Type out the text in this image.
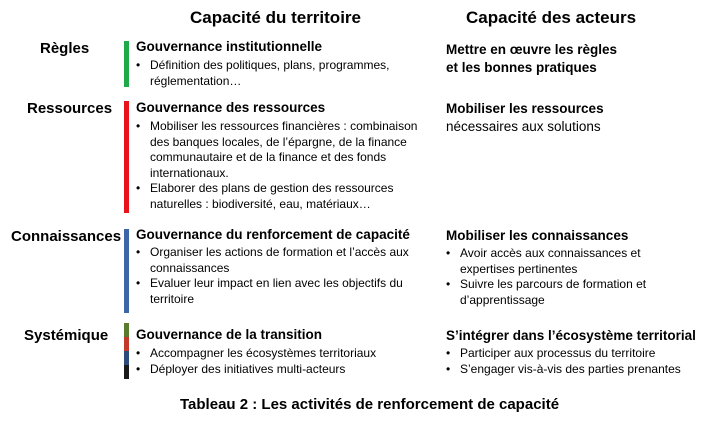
Capacité du territoire	Capacité des acteurs
Règles	Gouvernance institutionnelle
• Définition des politiques, plans, programmes, réglementation…
Mettre en œuvre les règles
et les bonnes pratiques
Ressources Gouvernance des ressources
• Mobiliser les ressources financières : combinaison des banques locales, de l’épargne, de la finance communautaire et de la finance et des fonds internationaux.
• Elaborer des plans de gestion des ressources naturelles : biodiversité, eau, matériaux…
Mobiliser les ressources
nécessaires aux solutions
Connaissances Gouvernance du renforcement de capacité
• Organiser les actions de formation et l’accès aux connaissances
• Evaluer leur impact en lien avec les objectifs du territoire
Mobiliser les connaissances
• Avoir accès aux connaissances et expertises pertinentes
• Suivre les parcours de formation et d’apprentissage
Systémique Gouvernance de la transition
• Accompagner les écosystèmes territoriaux
• Déployer des initiatives multi-acteurs
S’intégrer dans l’écosystème territorial
• Participer aux processus du territoire
• S’engager vis-à-vis des parties prenantes
Tableau 2 : Les activités de renforcement de capacité
